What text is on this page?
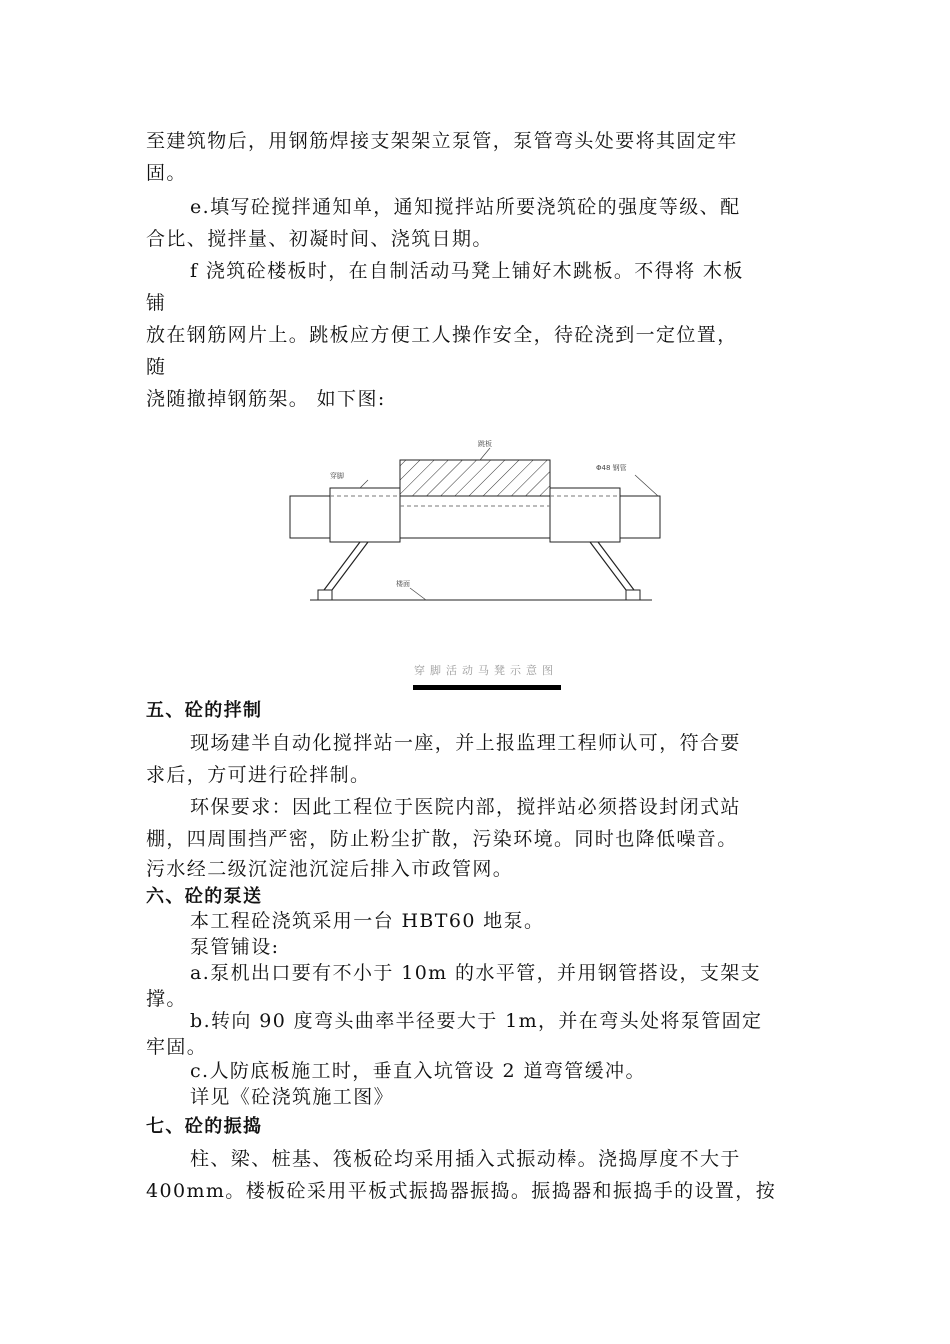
至建筑物后，用钢筋焊接支架架立泵管，泵管弯头处要将其固定牢
固。
e.填写砼搅拌通知单，通知搅拌站所要浇筑砼的强度等级、配
合比、搅拌量、初凝时间、浇筑日期。
f 浇筑砼楼板时，在自制活动马凳上铺好木跳板。不得将 木板
铺
放在钢筋网片上。跳板应方便工人操作安全，待砼浇到一定位置，
随
浇随撤掉钢筋架。 如下图:
跳板
穿脚
Φ48 钢管
楼面
穿脚活动马凳示意图
五、砼的拌制
现场建半自动化搅拌站一座，并上报监理工程师认可，符合要
求后，方可进行砼拌制。
环保要求：因此工程位于医院内部，搅拌站必须搭设封闭式站
棚，四周围挡严密，防止粉尘扩散，污染环境。同时也降低噪音。
污水经二级沉淀池沉淀后排入市政管网。
六、砼的泵送
本工程砼浇筑采用一台 HBT60 地泵。
泵管铺设:
a.泵机出口要有不小于 10m 的水平管，并用钢管搭设，支架支
撑。
b.转向 90 度弯头曲率半径要大于 1m，并在弯头处将泵管固定
牢固。
c.人防底板施工时，垂直入坑管设 2 道弯管缓冲。
详见《砼浇筑施工图》
七、砼的振捣
柱、梁、桩基、筏板砼均采用插入式振动棒。浇捣厚度不大于
400mm。楼板砼采用平板式振捣器振捣。振捣器和振捣手的设置，按
